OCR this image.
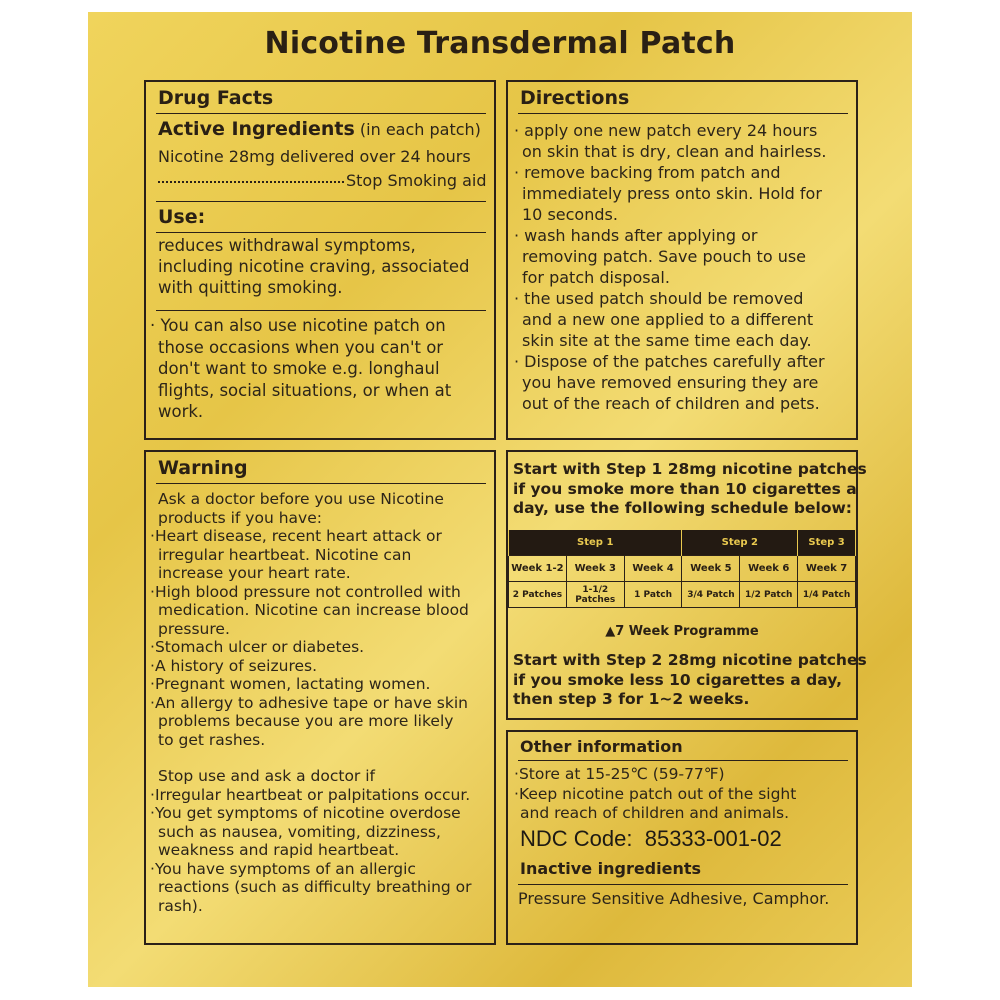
Nicotine Transdermal Patch
Drug Facts
Active Ingredients (in each patch)
Nicotine 28mg delivered over 24 hours
Stop Smoking aid
Use:
reduces withdrawal symptoms,
including nicotine craving, associated
with quitting smoking.
· You can also use nicotine patch on
those occasions when you can't or
don't want to smoke e.g. longhaul
flights, social situations, or when at
work.
Directions
· apply one new patch every 24 hours
on skin that is dry, clean and hairless.
· remove backing from patch and
immediately press onto skin. Hold for
10 seconds.
· wash hands after applying or
removing patch. Save pouch to use
for patch disposal.
· the used patch should be removed
and a new one applied to a different
skin site at the same time each day.
· Dispose of the patches carefully after
you have removed ensuring they are
out of the reach of children and pets.
Warning
Ask a doctor before you use Nicotine
products if you have:
·Heart disease, recent heart attack or
irregular heartbeat. Nicotine can
increase your heart rate.
·High blood pressure not controlled with
medication. Nicotine can increase blood
pressure.
·Stomach ulcer or diabetes.
·A history of seizures.
·Pregnant women, lactating women.
·An allergy to adhesive tape or have skin
problems because you are more likely
to get rashes.
Stop use and ask a doctor if
·Irregular heartbeat or palpitations occur.
·You get symptoms of nicotine overdose
such as nausea, vomiting, dizziness,
weakness and rapid heartbeat.
·You have symptoms of an allergic
reactions (such as difficulty breathing or
rash).
Start with Step 1 28mg nicotine patches
if you smoke more than 10 cigarettes a
day, use the following schedule below:
Step 1			Step 2		Step 3
Week 1-2	Week 3	Week 4	Week 5	Week 6	Week 7
2 Patches	1-1/2 Patches	1 Patch	3/4 Patch	1/2 Patch	1/4 Patch
▲7 Week Programme
Start with Step 2 28mg nicotine patches
if you smoke less 10 cigarettes a day,
then step 3 for 1~2 weeks.
Other information
·Store at 15-25℃ (59-77℉)
·Keep nicotine patch out of the sight
and reach of children and animals.
NDC Code: 85333-001-02
Inactive ingredients
Pressure Sensitive Adhesive, Camphor.
